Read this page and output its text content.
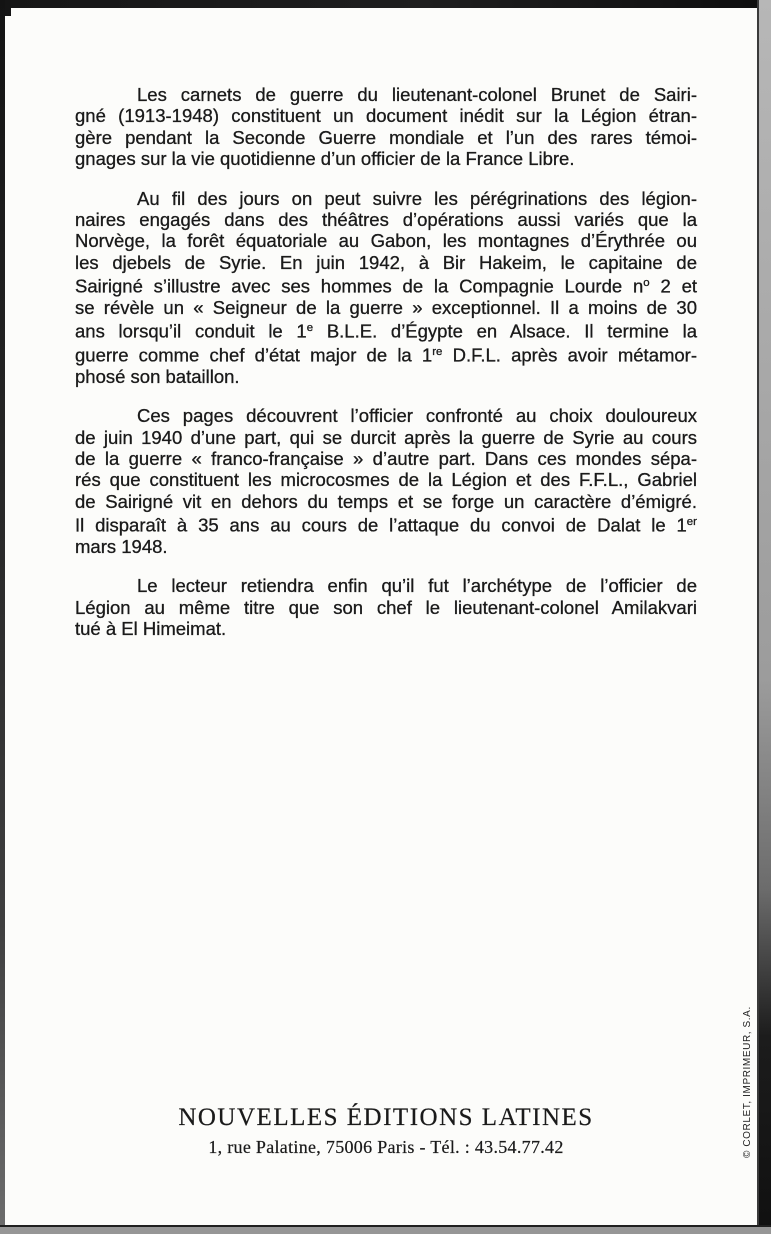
Les carnets de guerre du lieutenant-colonel Brunet de Sairi-
gné (1913-1948) constituent un document inédit sur la Légion étran-
gère pendant la Seconde Guerre mondiale et l’un des rares témoi-
gnages sur la vie quotidienne d’un officier de la France Libre.
Au fil des jours on peut suivre les pérégrinations des légion-
naires engagés dans des théâtres d’opérations aussi variés que la
Norvège, la forêt équatoriale au Gabon, les montagnes d’Érythrée ou
les djebels de Syrie. En juin 1942, à Bir Hakeim, le capitaine de
Sairigné s’illustre avec ses hommes de la Compagnie Lourde $n^o$ 2 et
se révèle un « Seigneur de la guerre » exceptionnel. Il a moins de 30
ans lorsqu’il conduit le 1e B.L.E. d’Égypte en Alsace. Il termine la
guerre comme chef d’état major de la 1re D.F.L. après avoir métamor-
phosé son bataillon.
Ces pages découvrent l’officier confronté au choix douloureux
de juin 1940 d’une part, qui se durcit après la guerre de Syrie au cours
de la guerre « franco-française » d’autre part. Dans ces mondes sépa-
rés que constituent les microcosmes de la Légion et des F.F.L., Gabriel
de Sairigné vit en dehors du temps et se forge un caractère d’émigré.
Il disparaît à 35 ans au cours de l’attaque du convoi de Dalat le 1er
mars 1948.
Le lecteur retiendra enfin qu’il fut l’archétype de l’officier de
Légion au même titre que son chef le lieutenant-colonel Amilakvari
tué à El Himeimat.
NOUVELLES ÉDITIONS LATINES
1, rue Palatine, 75006 Paris - Tél. : 43.54.77.42	© CORLET, IMPRIMEUR, S.A.
